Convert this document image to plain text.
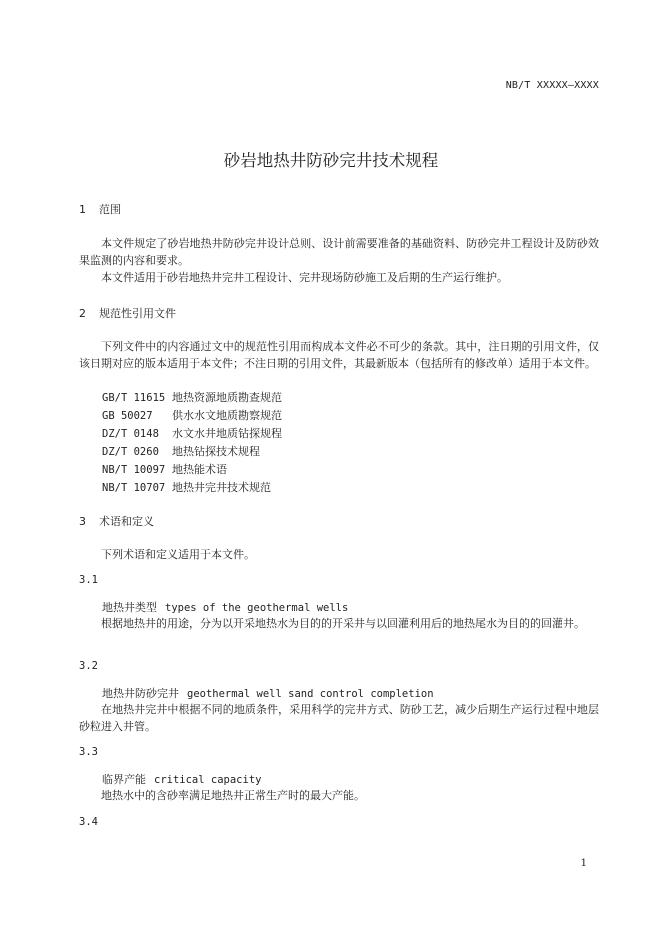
NB/T XXXXX—XXXX
砂岩地热井防砂完井技术规程
1 范围

本文件规定了砂岩地热井防砂完井设计总则、设计前需要准备的基础资料、防砂完井工程设计及防砂效果监测的内容和要求。

本文件适用于砂岩地热井完井工程设计、完井现场防砂施工及后期的生产运行维护。

2 规范性引用文件

下列文件中的内容通过文中的规范性引用而构成本文件必不可少的条款。其中，注日期的引用文件，仅该日期对应的版本适用于本文件；不注日期的引用文件，其最新版本（包括所有的修改单）适用于本文件。

GB/T 11615 地热资源地质勘查规范
GB 50027 供水水文地质勘察规范
DZ/T 0148 水文水井地质钻探规程
DZ/T 0260 地热钻探技术规程
NB/T 10097 地热能术语
NB/T 10707 地热井完井技术规范
3 术语和定义

下列术语和定义适用于本文件。

3.1
地热井类型 types of the geothermal wells

根据地热井的用途，分为以开采地热水为目的的开采井与以回灌利用后的地热尾水为目的的回灌井。

3.2
地热井防砂完井 geothermal well sand control completion

在地热井完井中根据不同的地质条件，采用科学的完井方式、防砂工艺，减少后期生产运行过程中地层砂粒进入井管。

3.3
临界产能 critical capacity

地热水中的含砂率满足地热井正常生产时的最大产能。

3.4
1
